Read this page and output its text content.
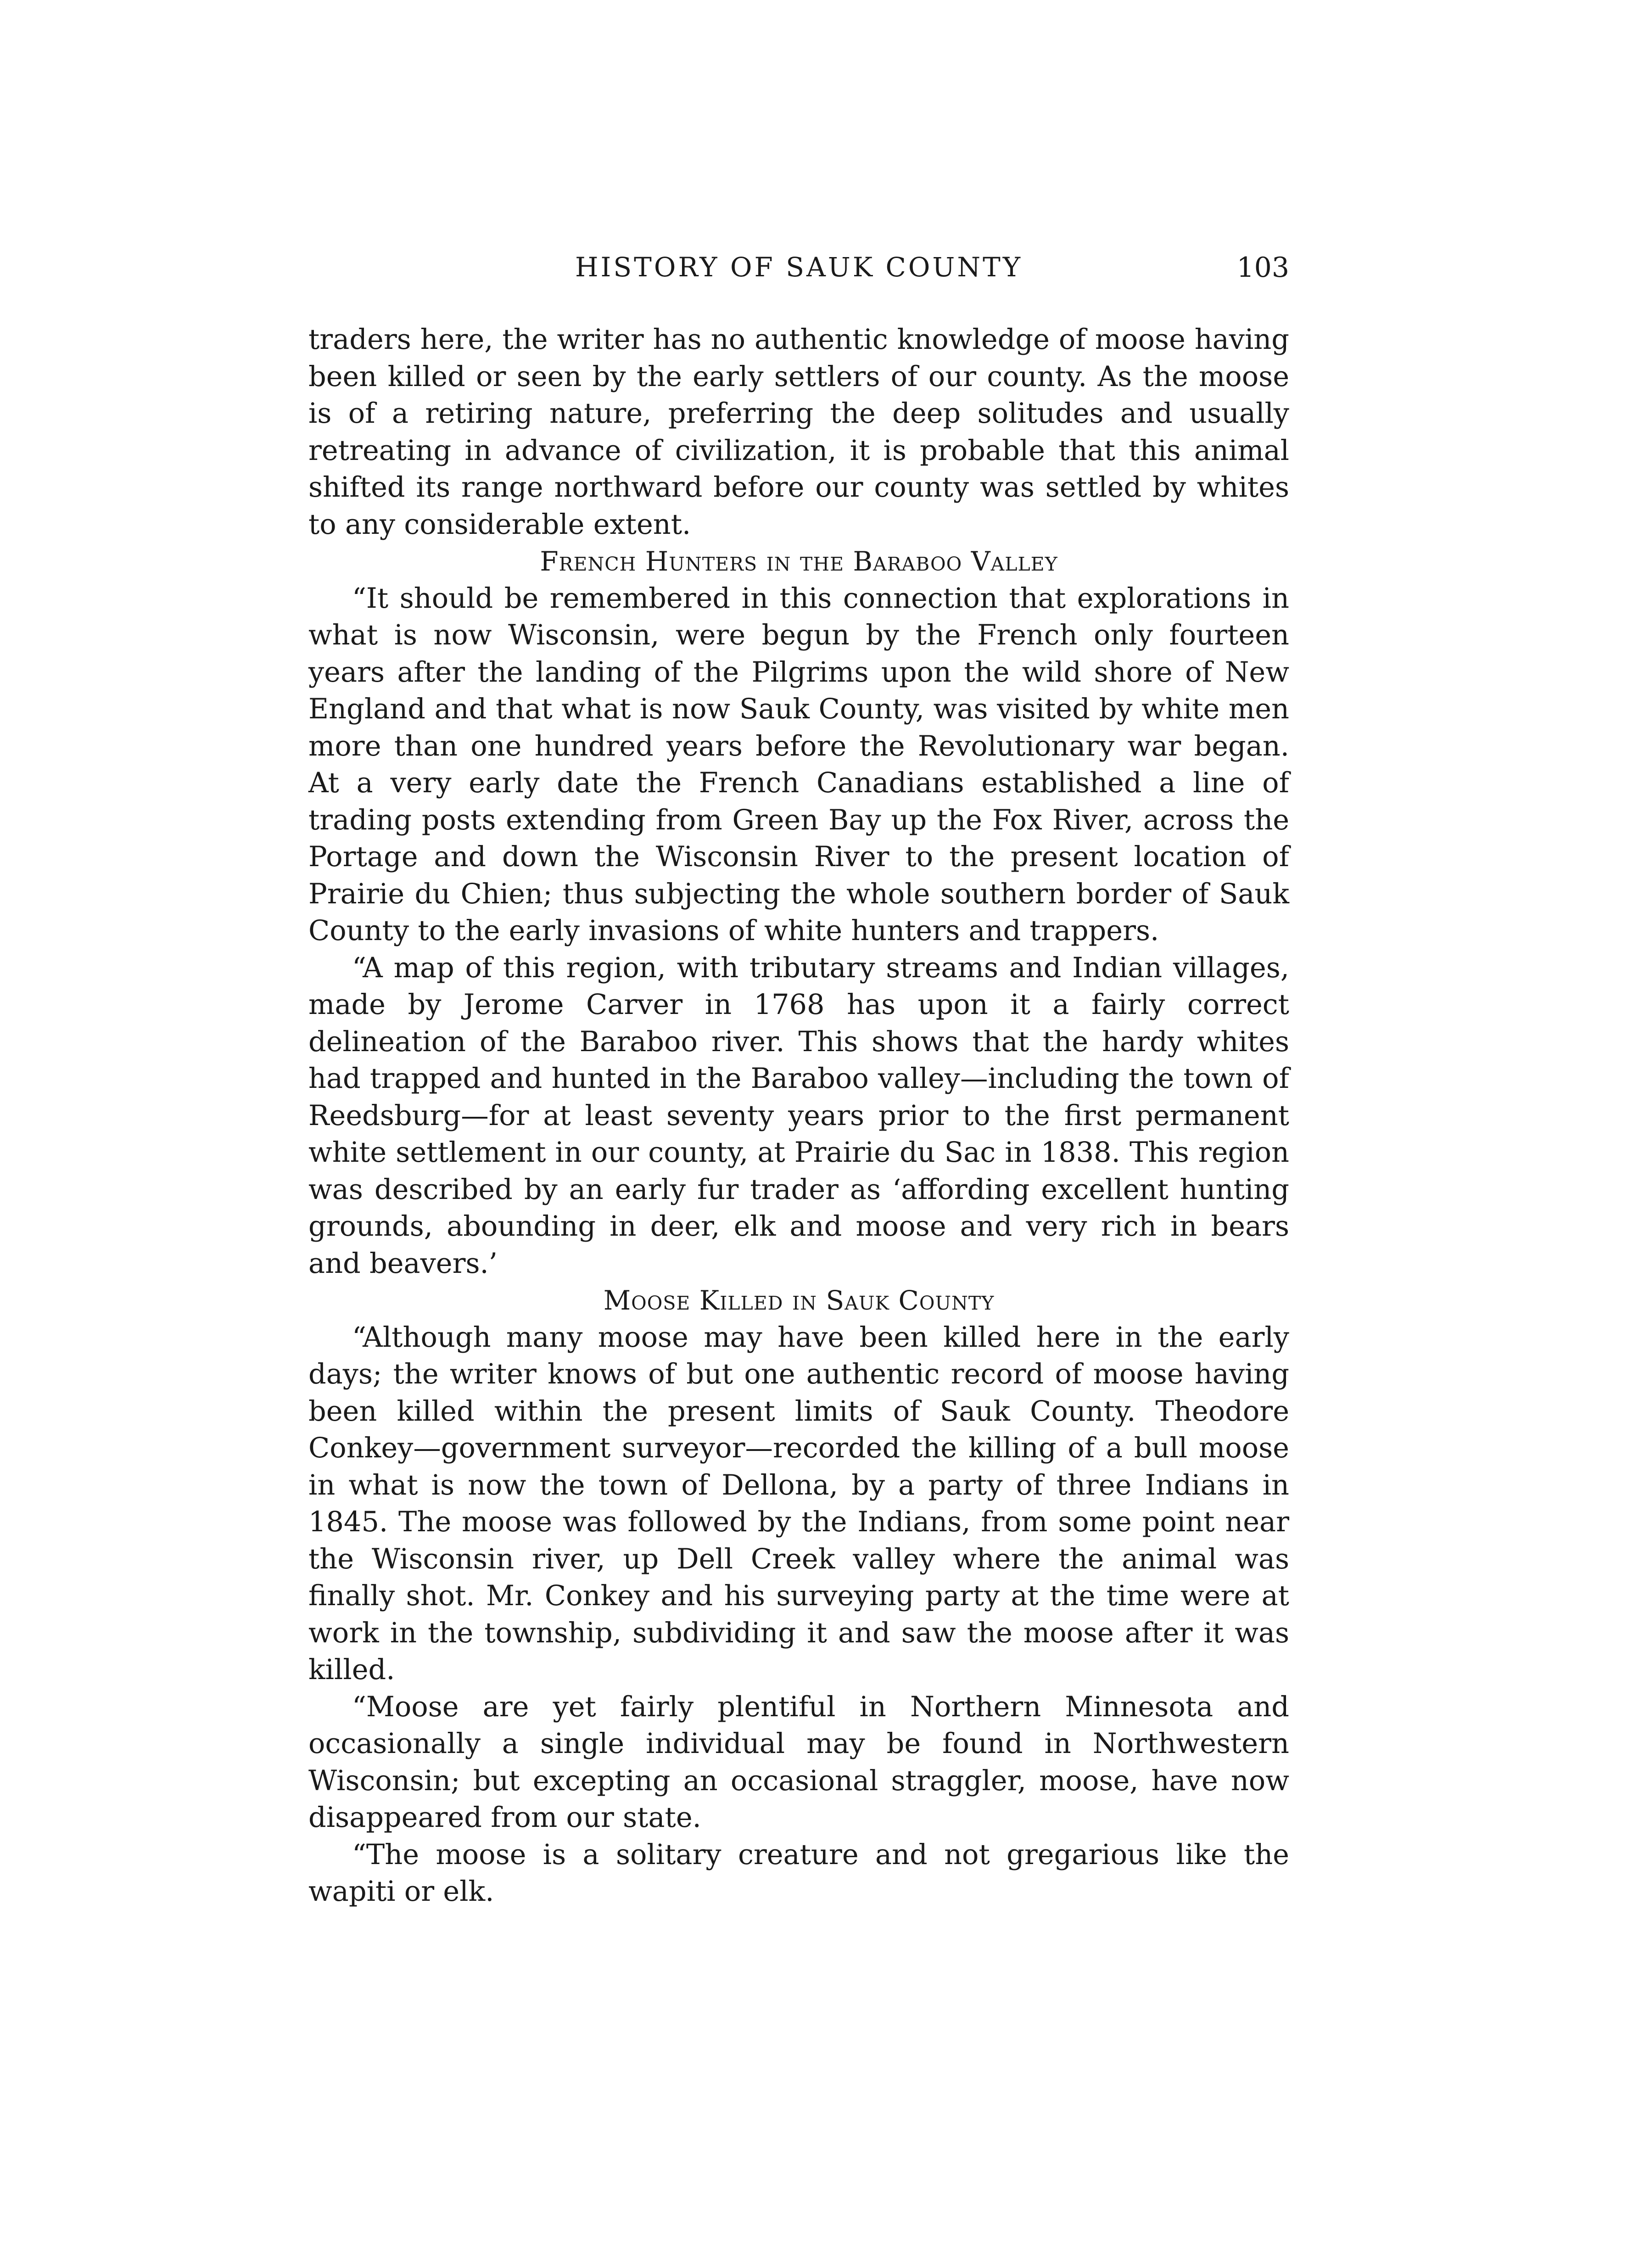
HISTORY OF SAUK COUNTY	103

traders here, the writer has no authentic knowledge of moose having been killed or seen by the early settlers of our county. As the moose is of a retiring nature, preferring the deep solitudes and usually retreating in advance of civilization, it is probable that this animal shifted its range northward before our county was settled by whites to any considerable extent.

French Hunters in the Baraboo Valley

“It should be remembered in this connection that explorations in what is now Wisconsin, were begun by the French only fourteen years after the landing of the Pilgrims upon the wild shore of New England and that what is now Sauk County, was visited by white men more than one hundred years before the Revolutionary war began. At a very early date the French Canadians established a line of trading posts extending from Green Bay up the Fox River, across the Portage and down the Wisconsin River to the present location of Prairie du Chien; thus subjecting the whole southern border of Sauk County to the early invasions of white hunters and trappers.

“A map of this region, with tributary streams and Indian villages, made by Jerome Carver in 1768 has upon it a fairly correct delineation of the Baraboo river. This shows that the hardy whites had trapped and hunted in the Baraboo valley—including the town of Reedsburg—for at least seventy years prior to the first permanent white settlement in our county, at Prairie du Sac in 1838. This region was described by an early fur trader as ‘affording excellent hunting grounds, abounding in deer, elk and moose and very rich in bears and beavers.’

Moose Killed in Sauk County

“Although many moose may have been killed here in the early days; the writer knows of but one authentic record of moose having been killed within the present limits of Sauk County. Theodore Conkey—government surveyor—recorded the killing of a bull moose in what is now the town of Dellona, by a party of three Indians in 1845. The moose was followed by the Indians, from some point near the Wisconsin river, up Dell Creek valley where the animal was finally shot. Mr. Conkey and his surveying party at the time were at work in the township, subdividing it and saw the moose after it was killed.

“Moose are yet fairly plentiful in Northern Minnesota and occasionally a single individual may be found in Northwestern Wisconsin; but excepting an occasional straggler, moose, have now disappeared from our state.

“The moose is a solitary creature and not gregarious like the wapiti or elk.
